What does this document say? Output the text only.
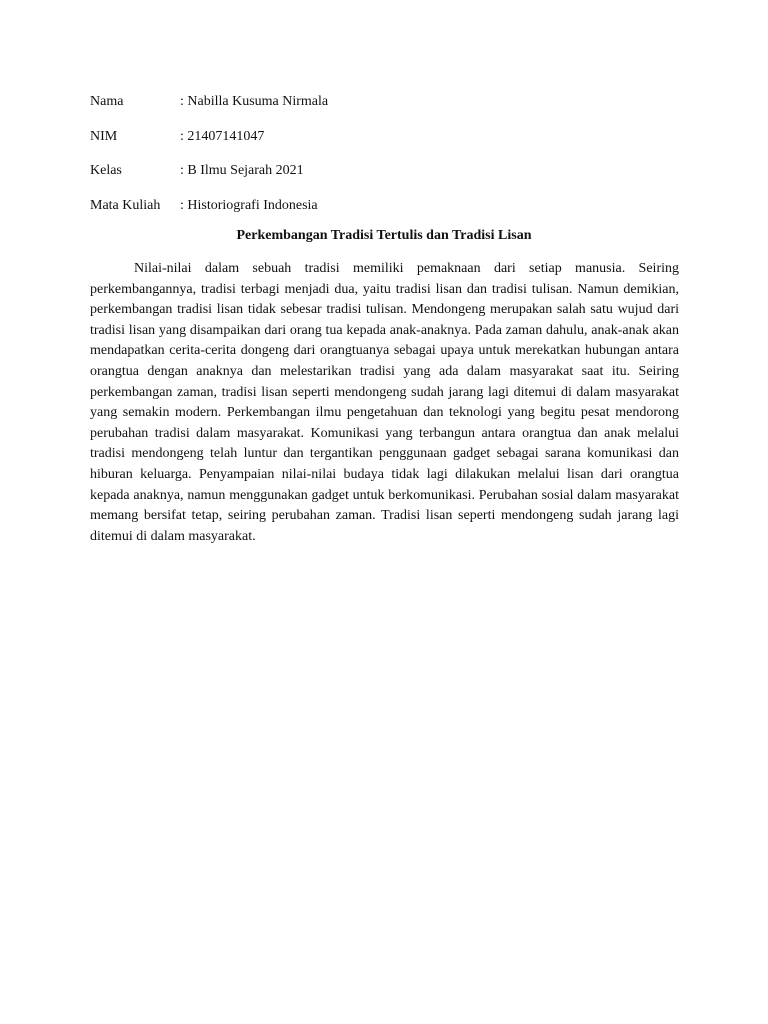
Nama	: Nabilla Kusuma Nirmala
NIM	: 21407141047
Kelas	: B Ilmu Sejarah 2021
Mata Kuliah	: Historiografi Indonesia
Perkembangan Tradisi Tertulis dan Tradisi Lisan

Nilai-nilai dalam sebuah tradisi memiliki pemaknaan dari setiap manusia. Seiring perkembangannya, tradisi terbagi menjadi dua, yaitu tradisi lisan dan tradisi tulisan. Namun demikian, perkembangan tradisi lisan tidak sebesar tradisi tulisan. Mendongeng merupakan salah satu wujud dari tradisi lisan yang disampaikan dari orang tua kepada anak-anaknya. Pada zaman dahulu, anak-anak akan mendapatkan cerita-cerita dongeng dari orangtuanya sebagai upaya untuk merekatkan hubungan antara orangtua dengan anaknya dan melestarikan tradisi yang ada dalam masyarakat saat itu. Seiring perkembangan zaman, tradisi lisan seperti mendongeng sudah jarang lagi ditemui di dalam masyarakat yang semakin modern. Perkembangan ilmu pengetahuan dan teknologi yang begitu pesat mendorong perubahan tradisi dalam masyarakat. Komunikasi yang terbangun antara orangtua dan anak melalui tradisi mendongeng telah luntur dan tergantikan penggunaan gadget sebagai sarana komunikasi dan hiburan keluarga. Penyampaian nilai-nilai budaya tidak lagi dilakukan melalui lisan dari orangtua kepada anaknya, namun menggunakan gadget untuk berkomunikasi. Perubahan sosial dalam masyarakat memang bersifat tetap, seiring perubahan zaman. Tradisi lisan seperti mendongeng sudah jarang lagi ditemui di dalam masyarakat.
